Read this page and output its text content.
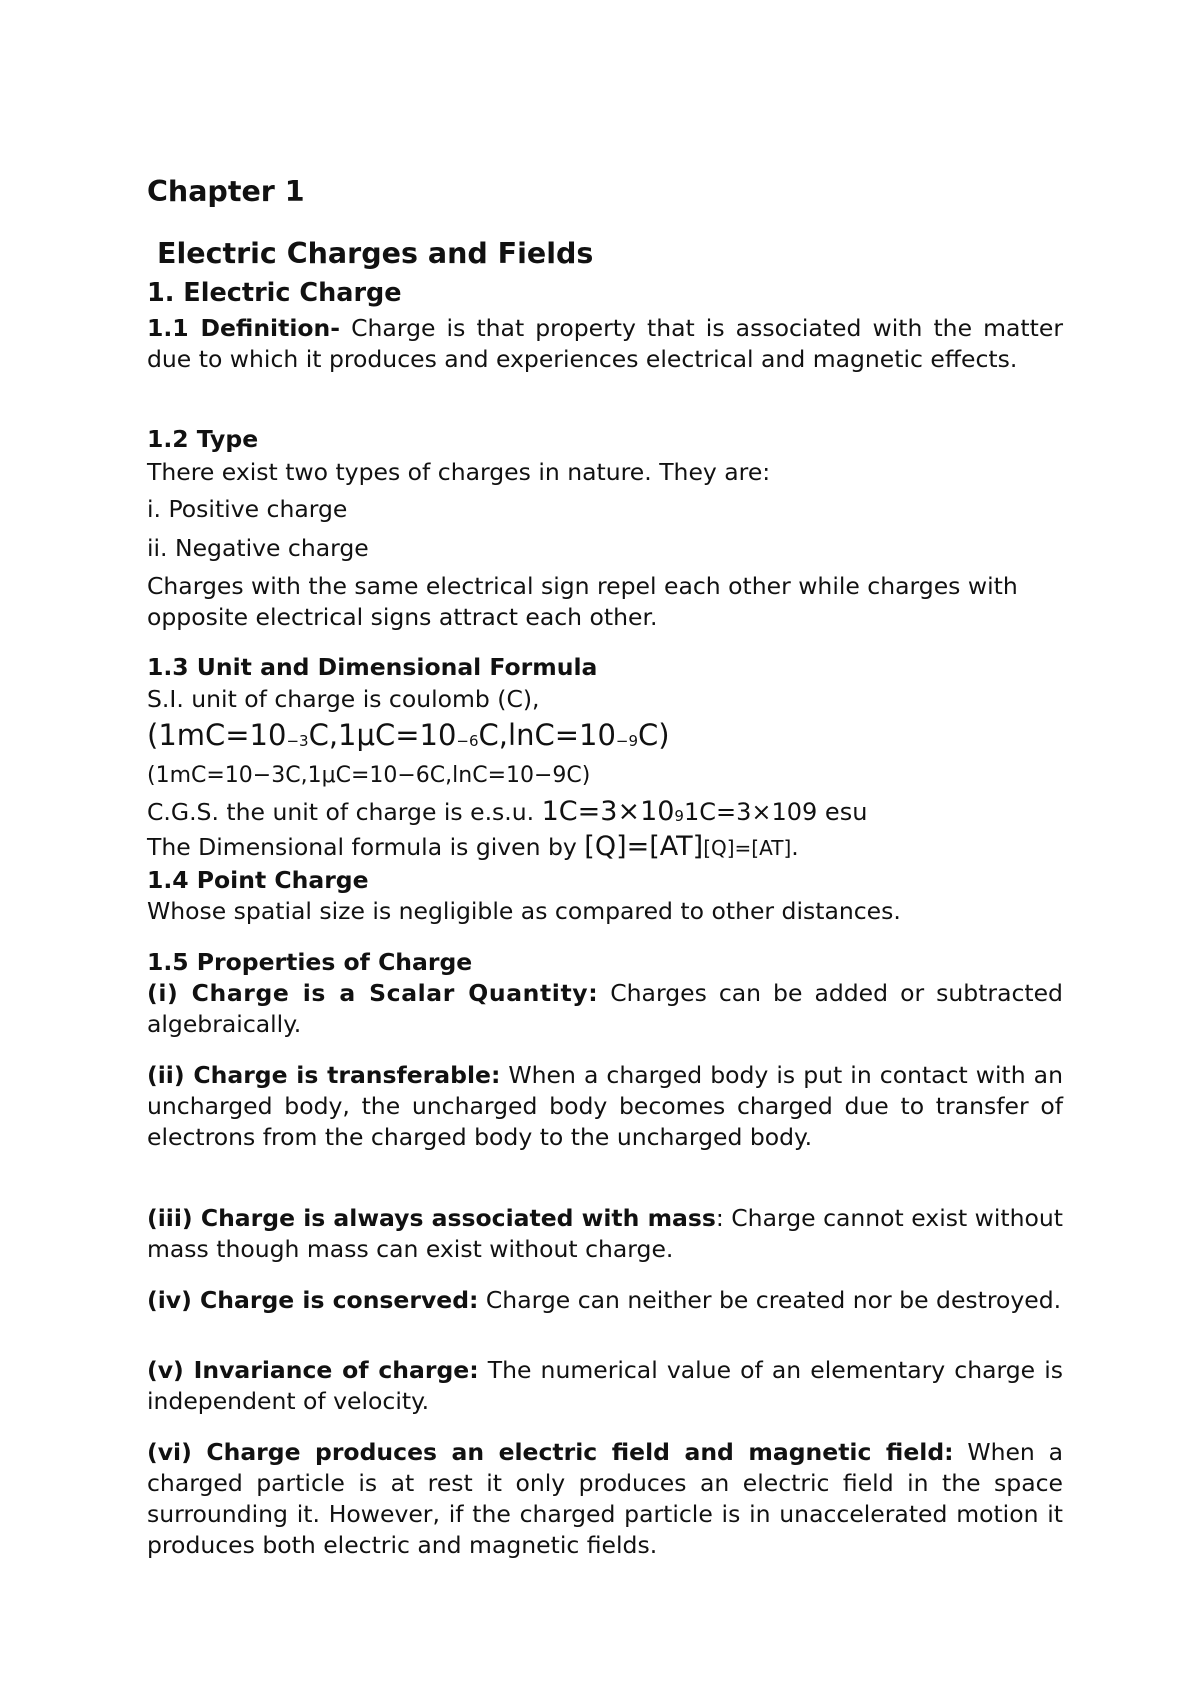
Chapter 1

Electric Charges and Fields

1. Electric Charge

1.1 Definition- Charge is that property that is associated with the matter due to which it produces and experiences electrical and magnetic effects.

1.2 Type

There exist two types of charges in nature. They are:

i. Positive charge

ii. Negative charge

Charges with the same electrical sign repel each other while charges with opposite electrical signs attract each other.

1.3 Unit and Dimensional Formula

S.I. unit of charge is coulomb (C),

(1mC=10−3C,1μC=10−6C,lnC=10−9C)

(1mC=10−3C,1μC=10−6C,lnC=10−9C)

C.G.S. the unit of charge is e.s.u. 1C=3×1091C=3×109 esu

The Dimensional formula is given by [Q]=[AT][Q]=[AT].

1.4 Point Charge

Whose spatial size is negligible as compared to other distances.

1.5 Properties of Charge

(i) Charge is a Scalar Quantity: Charges can be added or subtracted algebraically.

(ii) Charge is transferable: When a charged body is put in contact with an uncharged body, the uncharged body becomes charged due to transfer of electrons from the charged body to the uncharged body.

(iii) Charge is always associated with mass: Charge cannot exist without mass though mass can exist without charge.

(iv) Charge is conserved: Charge can neither be created nor be destroyed.

(v) Invariance of charge: The numerical value of an elementary charge is independent of velocity.

(vi) Charge produces an electric field and magnetic field: When a charged particle is at rest it only produces an electric field in the space surrounding it. However, if the charged particle is in unaccelerated motion it produces both electric and magnetic fields.
